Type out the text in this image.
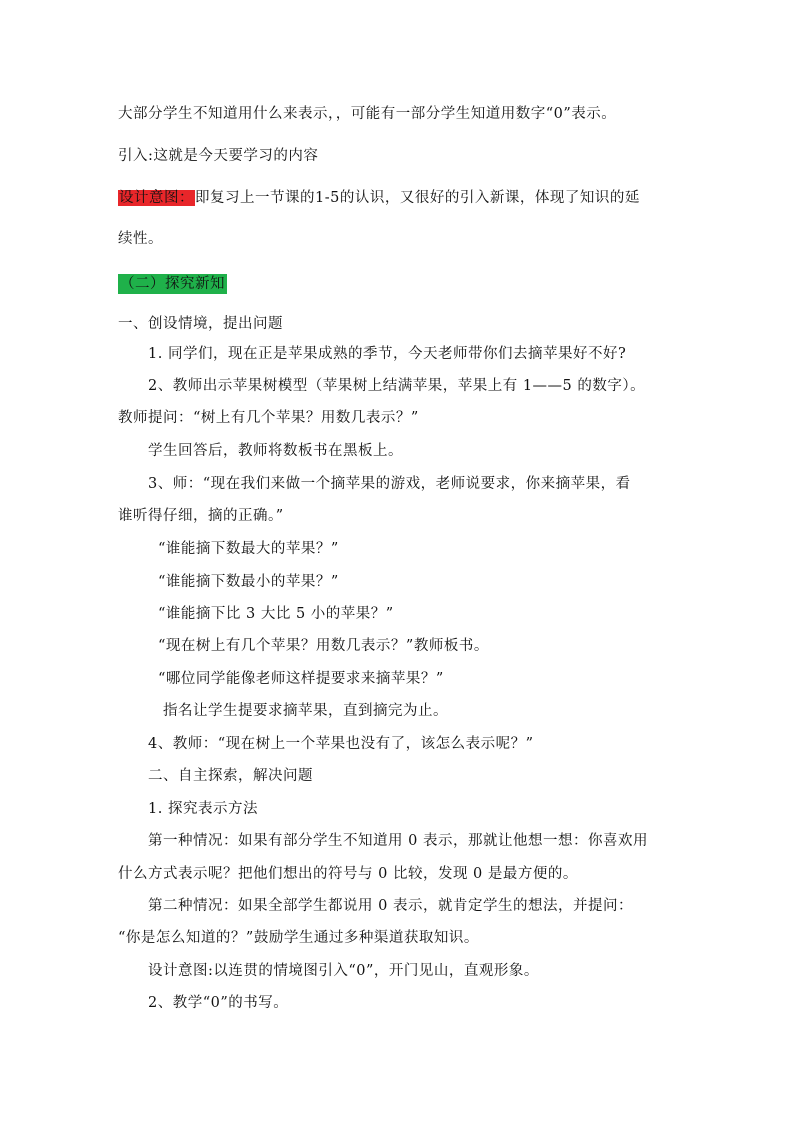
大部分学生不知道用什么来表示，，可能有一部分学生知道用数字“0”表示。
引入:这就是今天要学习的内容
设计意图：即复习上一节课的1-5的认识，又很好的引入新课，体现了知识的延
续性。
（二）探究新知
一、创设情境，提出问题
1. 同学们，现在正是苹果成熟的季节，今天老师带你们去摘苹果好不好?
2、教师出示苹果树模型（苹果树上结满苹果，苹果上有 1——5 的数字）。
教师提问：“树上有几个苹果？用数几表示？”
学生回答后，教师将数板书在黑板上。
3、师：“现在我们来做一个摘苹果的游戏，老师说要求，你来摘苹果，看
谁听得仔细，摘的正确。”
“谁能摘下数最大的苹果？”
“谁能摘下数最小的苹果？”
“谁能摘下比 3 大比 5 小的苹果？”
“现在树上有几个苹果？用数几表示？”教师板书。
“哪位同学能像老师这样提要求来摘苹果？”
指名让学生提要求摘苹果，直到摘完为止。
4、教师：“现在树上一个苹果也没有了，该怎么表示呢？”
二、自主探索，解决问题
1. 探究表示方法
第一种情况：如果有部分学生不知道用 0 表示，那就让他想一想：你喜欢用
什么方式表示呢？把他们想出的符号与 0 比较，发现 0 是最方便的。
第二种情况：如果全部学生都说用 0 表示，就肯定学生的想法，并提问：
“你是怎么知道的？”鼓励学生通过多种渠道获取知识。
设计意图:以连贯的情境图引入“0”，开门见山，直观形象。
2、教学“0”的书写。
